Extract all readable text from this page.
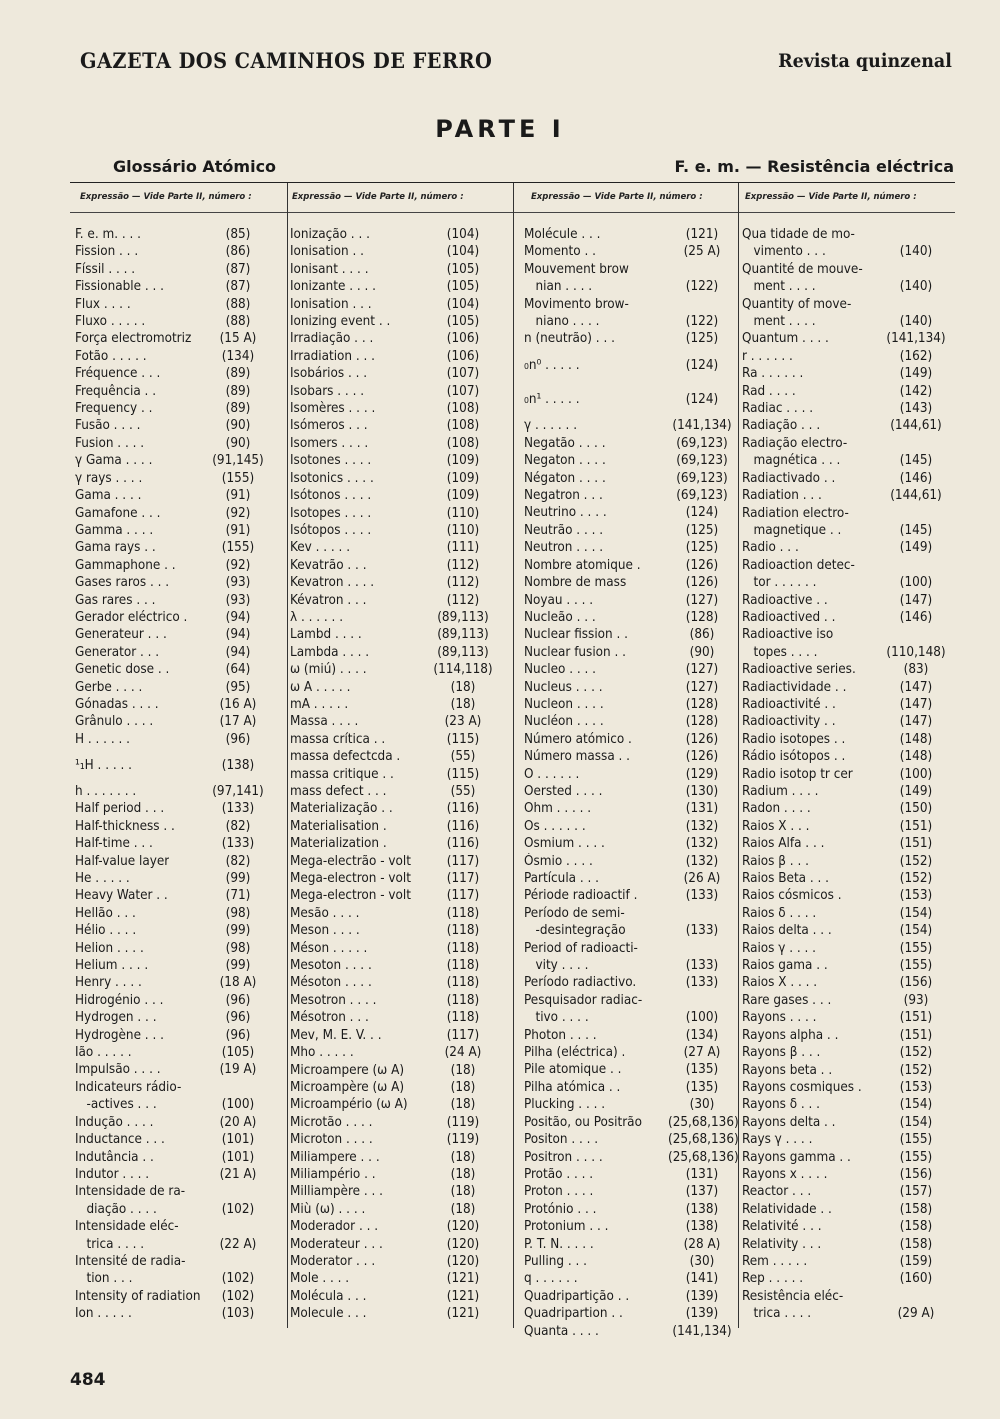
GAZETA DOS CAMINHOS DE FERRO	Revista quinzenal
PARTE I
Glossário Atómico	F. e. m. — Resistência eléctrica
Expressão — Vide Parte II, número :	Expressão — Vide Parte II, número :	Expressão — Vide Parte II, número :	Expressão — Vide Parte II, número :
F. e. m. . . .	(85)
Fission . . .	(86)
Físsil . . . .	(87)
Fissionable . . .	(87)
Flux . . . .	(88)
Fluxo . . . . .	(88)
Força electromotriz	(15 A)
Fotão . . . . .	(134)
Fréquence . . .	(89)
Frequência . .	(89)
Frequency . .	(89)
Fusão . . . .	(90)
Fusion . . . .	(90)
γ Gama . . . .	(91,145)
γ rays . . . .	(155)
Gama . . . .	(91)
Gamafone . . .	(92)
Gamma . . . .	(91)
Gama rays . .	(155)
Gammaphone . .	(92)
Gases raros . . .	(93)
Gas rares . . .	(93)
Gerador eléctrico .	(94)
Generateur . . .	(94)
Generator . . .	(94)
Genetic dose . .	(64)
Gerbe . . . .	(95)
Gónadas . . . .	(16 A)
Grânulo . . . .	(17 A)
H . . . . . .	(96)
¹₁H . . . . .	(138)
h . . . . . . .	(97,141)
Half period . . .	(133)
Half-thickness . .	(82)
Half-time . . .	(133)
Half-value layer	(82)
He . . . . .	(99)
Heavy Water . .	(71)
Hellão . . .	(98)
Hélio . . . .	(99)
Helion . . . .	(98)
Helium . . . .	(99)
Henry . . . .	(18 A)
Hidrogénio . . .	(96)
Hydrogen . . .	(96)
Hydrogène . . .	(96)
Ião . . . . .	(105)
Impulsão . . . .	(19 A)
Indicateurs rádio-
-actives . . .	(100)
Indução . . . .	(20 A)
Inductance . . .	(101)
Indutância . .	(101)
Indutor . . . .	(21 A)
Intensidade de ra-
diação . . . .	(102)
Intensidade eléc-
trica . . . .	(22 A)
Intensité de radia-
tion . . .	(102)
Intensity of radiation	(102)
Ion . . . . .	(103)
Ionização . . .	(104)
Ionisation . .	(104)
Ionisant . . . .	(105)
Ionizante . . . .	(105)
Ionisation . . .	(104)
Ionizing event . .	(105)
Irradiação . . .	(106)
Irradiation . . .	(106)
Isobários . . .	(107)
Isobars . . . .	(107)
Isomères . . . .	(108)
Isómeros . . .	(108)
Isomers . . . .	(108)
Isotones . . . .	(109)
Isotonics . . . .	(109)
Isótonos . . . .	(109)
Isotopes . . . .	(110)
Isótopos . . . .	(110)
Kev . . . . .	(111)
Kevatrão . . .	(112)
Kevatron . . . .	(112)
Kévatron . . .	(112)
λ . . . . . .	(89,113)
Lambd . . . .	(89,113)
Lambda . . . .	(89,113)
ω (miú) . . . .	(114,118)
ω A . . . . .	(18)
mA . . . . .	(18)
Massa . . . .	(23 A)
massa crítica . .	(115)
massa defectcda .	(55)
massa critique . .	(115)
mass defect . . .	(55)
Materialização . .	(116)
Materialisation .	(116)
Materialization .	(116)
Mega-electrão - volt	(117)
Mega-electron - volt	(117)
Mega-electron - volt	(117)
Mesão . . . .	(118)
Meson . . . .	(118)
Méson . . . . .	(118)
Mesoton . . . .	(118)
Mésoton . . . .	(118)
Mesotron . . . .	(118)
Mésotron . . .	(118)
Mev, M. E. V. . .	(117)
Mho . . . . .	(24 A)
Microampere (ω A)	(18)
Microampère (ω A)	(18)
Microampério (ω A)	(18)
Microtão . . . .	(119)
Microton . . . .	(119)
Miliampere . . .	(18)
Miliampério . .	(18)
Milliampère . . .	(18)
Miù (ω) . . . .	(18)
Moderador . . .	(120)
Moderateur . . .	(120)
Moderator . . .	(120)
Mole . . . .	(121)
Molécula . . .	(121)
Molecule . . .	(121)
Molécule . . .	(121)
Momento . .	(25 A)
Mouvement brow
nian . . . .	(122)
Movimento brow-
niano . . . .	(122)
n (neutrão) . . .	(125)
₀n⁰ . . . . .	(124)
₀n¹ . . . . .	(124)
γ . . . . . .	(141,134)
Negatão . . . .	(69,123)
Negaton . . . .	(69,123)
Négaton . . . .	(69,123)
Negatron . . .	(69,123)
Neutrino . . . .	(124)
Neutrão . . . .	(125)
Neutron . . . .	(125)
Nombre atomique .	(126)
Nombre de mass	(126)
Noyau . . . .	(127)
Nucleão . . .	(128)
Nuclear fission . .	(86)
Nuclear fusion . .	(90)
Nucleo . . . .	(127)
Nucleus . . . .	(127)
Nucleon . . . .	(128)
Nucléon . . . .	(128)
Número atómico .	(126)
Número massa . .	(126)
O . . . . . .	(129)
Oersted . . . .	(130)
Ohm . . . . .	(131)
Os . . . . . .	(132)
Osmium . . . .	(132)
Ósmio . . . .	(132)
Partícula . . .	(26 A)
Période radioactif .	(133)
Período de semi-
-desintegração	(133)
Period of radioacti-
vity . . . .	(133)
Período radiactivo.	(133)
Pesquisador radiac-
tivo . . . .	(100)
Photon . . . .	(134)
Pilha (eléctrica) .	(27 A)
Pile atomique . .	(135)
Pilha atómica . .	(135)
Plucking . . . .	(30)
Positão, ou Positrão (25,68,136)
Positon . . . .	(25,68,136)
Positron . . . .	(25,68,136)
Protão . . . .	(131)
Proton . . . .	(137)
Protónio . . .	(138)
Protonium . . .	(138)
P. T. N. . . . .	(28 A)
Pulling . . .	(30)
q . . . . . .	(141)
Quadripartição . .	(139)
Quadripartion . .	(139)
Quanta . . . .	(141,134)
Qua tidade de mo-
vimento . . .	(140)
Quantité de mouve-
ment . . . .	(140)
Quantity of move-
ment . . . .	(140)
Quantum . . . .	(141,134)
r . . . . . .	(162)
Ra . . . . . .	(149)
Rad . . . .	(142)
Radiac . . . .	(143)
Radiação . . .	(144,61)
Radiação electro-
magnética . . .	(145)
Radiactivado . .	(146)
Radiation . . .	(144,61)
Radiation electro-
magnetique . .	(145)
Radio . . .	(149)
Radioaction detec-
tor . . . . . .	(100)
Radioactive . .	(147)
Radioactived . .	(146)
Radioactive iso
topes . . . .	(110,148)
Radioactive series.	(83)
Radiactividade . .	(147)
Radioactivité . .	(147)
Radioactivity . .	(147)
Radio isotopes . .	(148)
Rádio isótopos . .	(148)
Radio isotop tr cer	(100)
Radium . . . .	(149)
Radon . . . .	(150)
Raios X . . .	(151)
Raios Alfa . . .	(151)
Raios β . . .	(152)
Raios Beta . . .	(152)
Raios cósmicos .	(153)
Raios δ . . . .	(154)
Raios delta . . .	(154)
Raios γ . . . .	(155)
Raios gama . .	(155)
Raios X . . . .	(156)
Rare gases . . .	(93)
Rayons . . . .	(151)
Rayons alpha . .	(151)
Rayons β . . .	(152)
Rayons beta . .	(152)
Rayons cosmiques .	(153)
Rayons δ . . .	(154)
Rayons delta . .	(154)
Rays γ . . . .	(155)
Rayons gamma . .	(155)
Rayons x . . . .	(156)
Reactor . . .	(157)
Relatividade . .	(158)
Relativité . . .	(158)
Relativity . . .	(158)
Rem . . . . .	(159)
Rep . . . . .	(160)
Resistência eléc-
trica . . . .	(29 A)
484
